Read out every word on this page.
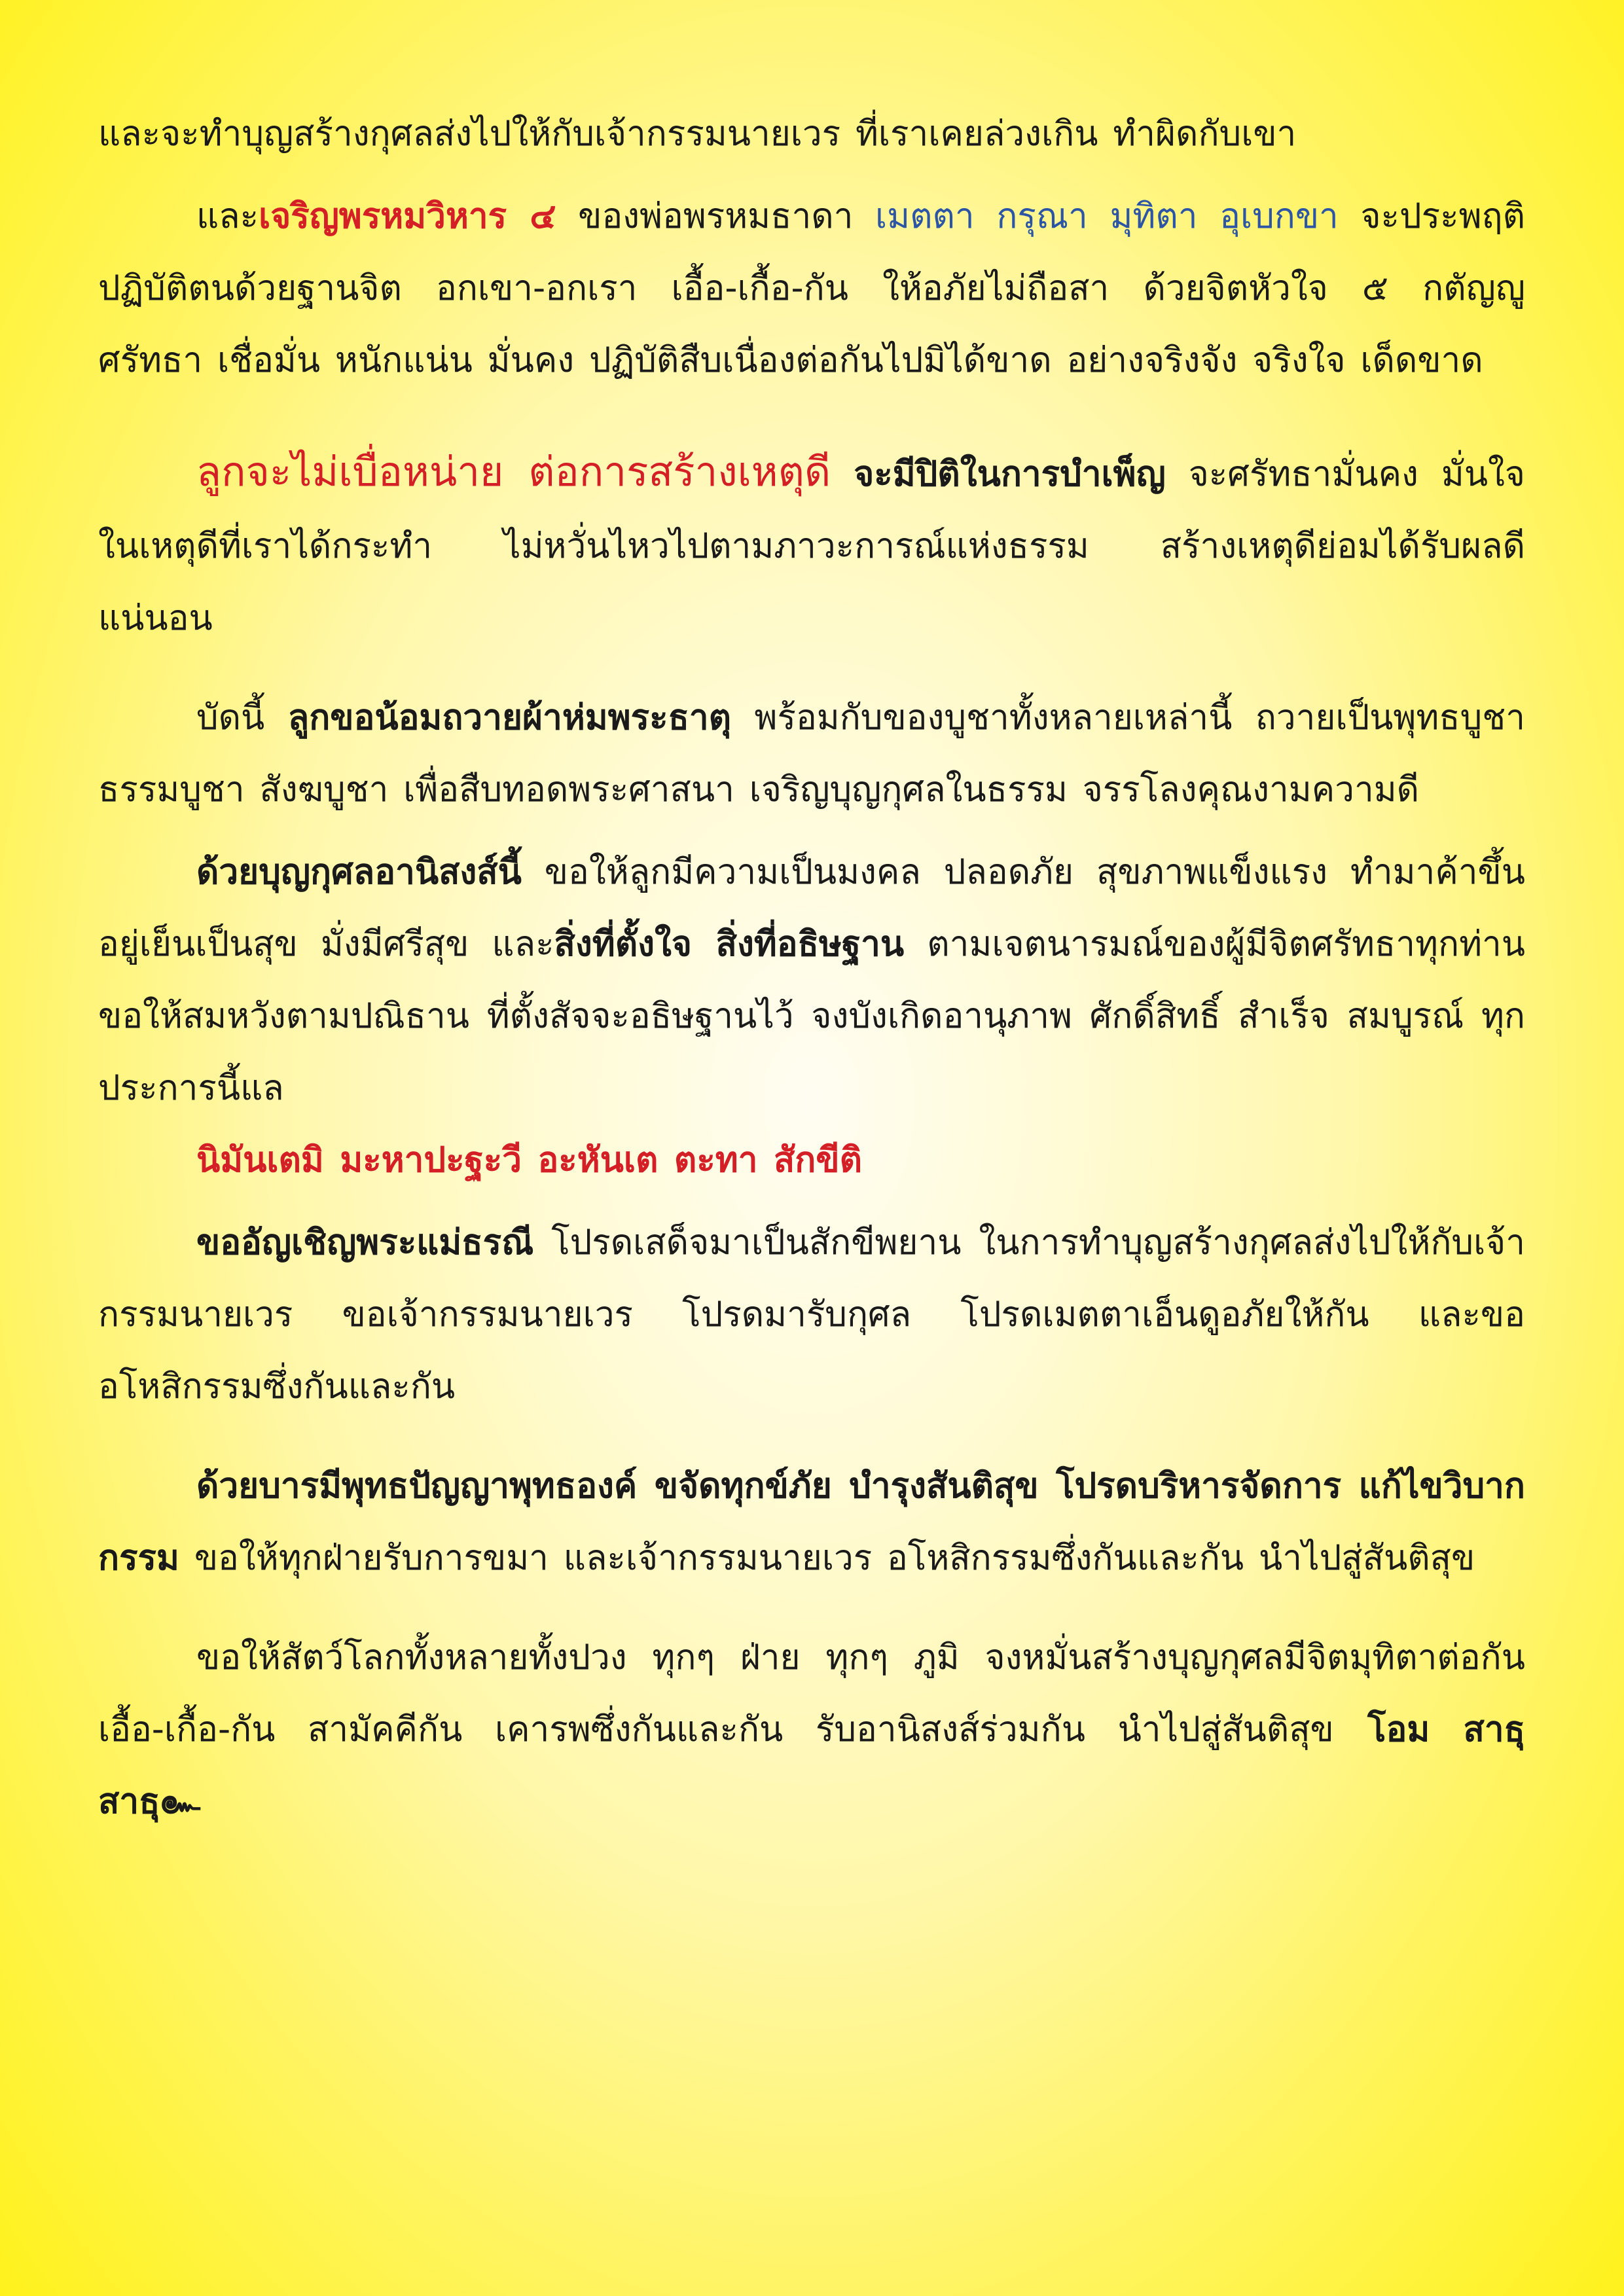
และจะทำบุญสร้างกุศลส่งไปให้กับเจ้ากรรมนายเวร ที่เราเคยล่วงเกิน ทำผิดกับเขา

และเจริญพรหมวิหาร ๔ ของพ่อพรหมธาดา เมตตา กรุณา มุทิตา อุเบกขา จะประพฤติปฏิบัติตนด้วยฐานจิต อกเขา-อกเรา เอื้อ-เกื้อ-กัน ให้อภัยไม่ถือสา ด้วยจิตหัวใจ ๕ กตัญญู ศรัทธา เชื่อมั่น หนักแน่น มั่นคง ปฏิบัติสืบเนื่องต่อกันไปมิได้ขาด อย่างจริงจัง จริงใจ เด็ดขาด

ลูกจะไม่เบื่อหน่าย ต่อการสร้างเหตุดี จะมีปิติในการบำเพ็ญ จะศรัทธามั่นคง มั่นใจในเหตุดีที่เราได้กระทำ ไม่หวั่นไหวไปตามภาวะการณ์แห่งธรรม สร้างเหตุดีย่อมได้รับผลดีแน่นอน

บัดนี้ ลูกขอน้อมถวายผ้าห่มพระธาตุ พร้อมกับของบูชาทั้งหลายเหล่านี้ ถวายเป็นพุทธบูชา ธรรมบูชา สังฆบูชา เพื่อสืบทอดพระศาสนา เจริญบุญกุศลในธรรม จรรโลงคุณงามความดี

ด้วยบุญกุศลอานิสงส์นี้ ขอให้ลูกมีความเป็นมงคล ปลอดภัย สุขภาพแข็งแรง ทำมาค้าขึ้น อยู่เย็นเป็นสุข มั่งมีศรีสุข และสิ่งที่ตั้งใจ สิ่งที่อธิษฐาน ตามเจตนารมณ์ของผู้มีจิตศรัทธาทุกท่าน ขอให้สมหวังตามปณิธาน ที่ตั้งสัจจะอธิษฐานไว้ จงบังเกิดอานุภาพ ศักดิ์สิทธิ์ สำเร็จ สมบูรณ์ ทุกประการนี้แล

นิมันเตมิ มะหาปะฐะวี อะหันเต ตะทา สักขีติ

ขออัญเชิญพระแม่ธรณี โปรดเสด็จมาเป็นสักขีพยาน ในการทำบุญสร้างกุศลส่งไปให้กับเจ้ากรรมนายเวร ขอเจ้ากรรมนายเวร โปรดมารับกุศล โปรดเมตตาเอ็นดูอภัยให้กัน และขออโหสิกรรมซึ่งกันและกัน

ด้วยบารมีพุทธปัญญาพุทธองค์ ขจัดทุกข์ภัย บำรุงสันติสุข โปรดบริหารจัดการ แก้ไขวิบากกรรม ขอให้ทุกฝ่ายรับการขมา และเจ้ากรรมนายเวร อโหสิกรรมซึ่งกันและกัน นำไปสู่สันติสุข

ขอให้สัตว์โลกทั้งหลายทั้งปวง ทุกๆ ฝ่าย ทุกๆ ภูมิ จงหมั่นสร้างบุญกุศลมีจิตมุทิตาต่อกัน เอื้อ-เกื้อ-กัน สามัคคีกัน เคารพซึ่งกันและกัน รับอานิสงส์ร่วมกัน นำไปสู่สันติสุข โอม สาธุ สาธุ๛
